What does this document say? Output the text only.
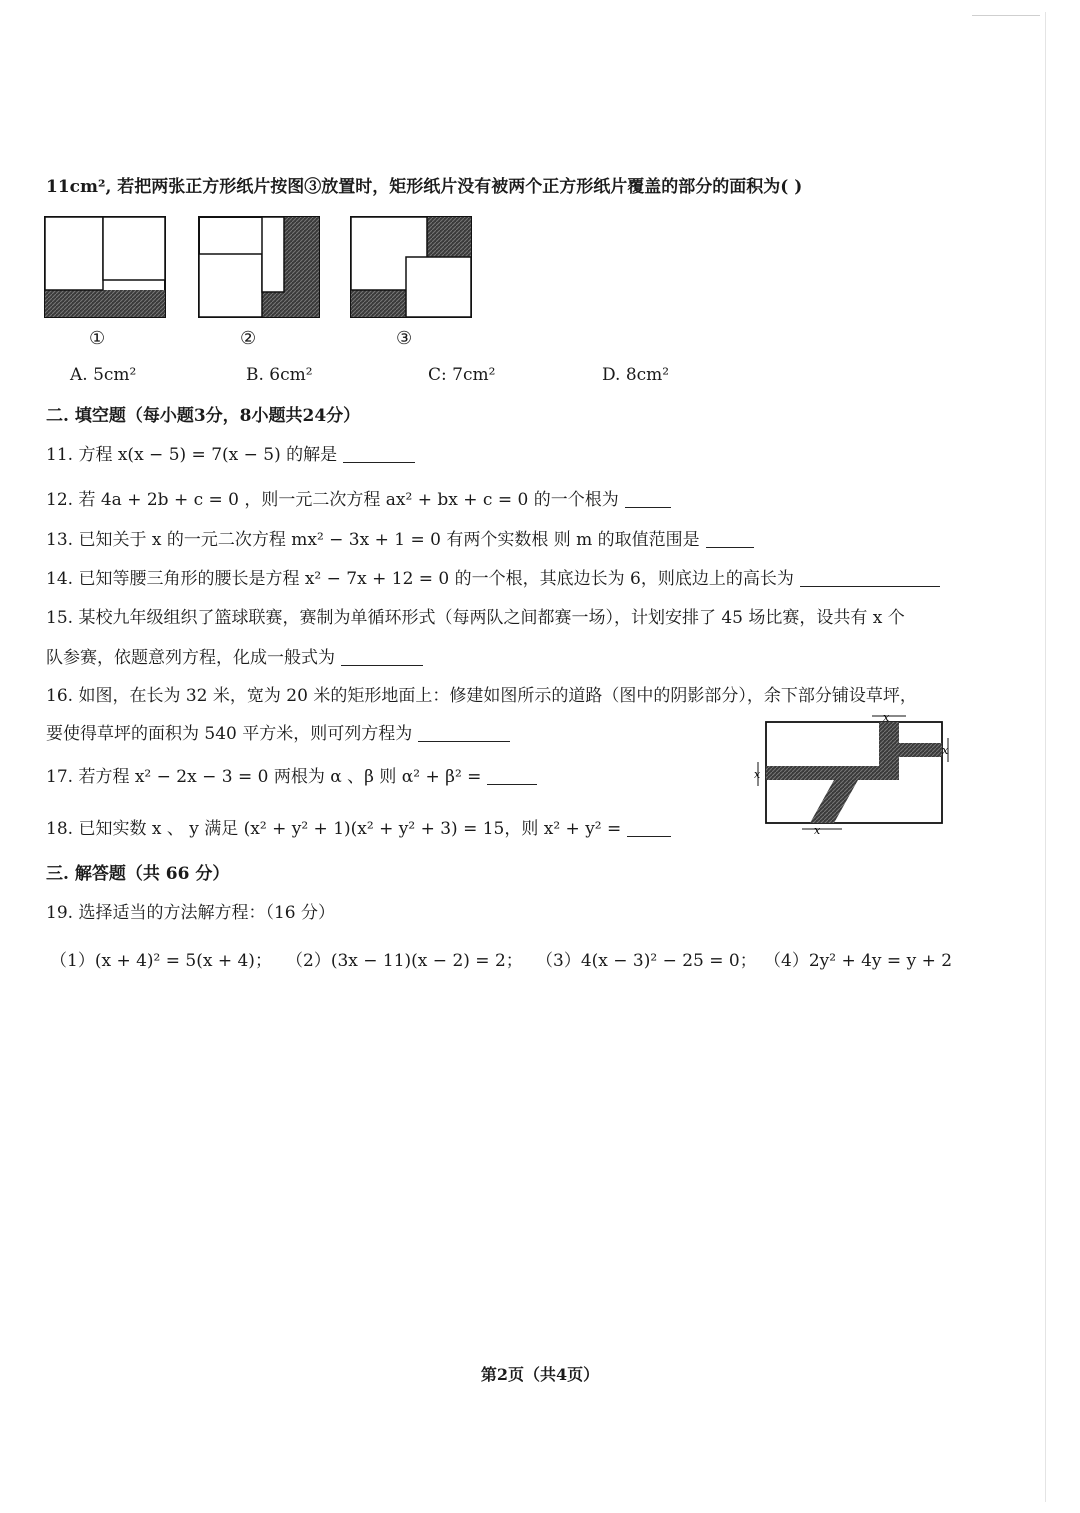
11cm², 若把两张正方形纸片按图③放置时，矩形纸片没有被两个正方形纸片覆盖的部分的面积为( )
①	②	③
A. 5cm²	B. 6cm²	C: 7cm²	D. 8cm²
二. 填空题（每小题3分，8小题共24分）
11. 方程 x(x − 5) = 7(x − 5) 的解是
12. 若 4a + 2b + c = 0 ，则一元二次方程 ax² + bx + c = 0 的一个根为
13. 已知关于 x 的一元二次方程 mx² − 3x + 1 = 0 有两个实数根 则 m 的取值范围是
14. 已知等腰三角形的腰长是方程 x² − 7x + 12 = 0 的一个根，其底边长为 6，则底边上的高长为
15. 某校九年级组织了篮球联赛，赛制为单循环形式（每两队之间都赛一场），计划安排了 45 场比赛，设共有 x 个
队参赛，依题意列方程，化成一般式为
16. 如图，在长为 32 米，宽为 20 米的矩形地面上：修建如图所示的道路（图中的阴影部分），余下部分铺设草坪，
要使得草坪的面积为 540 平方米，则可列方程为
x
x
x
x
17. 若方程 x² − 2x − 3 = 0 两根为 α 、β 则 α² + β² =
18. 已知实数 x 、 y 满足 (x² + y² + 1)(x² + y² + 3) = 15，则 x² + y² =
三. 解答题（共 66 分）
19. 选择适当的方法解方程：（16 分）
（1）(x + 4)² = 5(x + 4)； （2）(3x − 11)(x − 2) = 2； （3）4(x − 3)² − 25 = 0； （4）2y² + 4y = y + 2
第2页（共4页）
